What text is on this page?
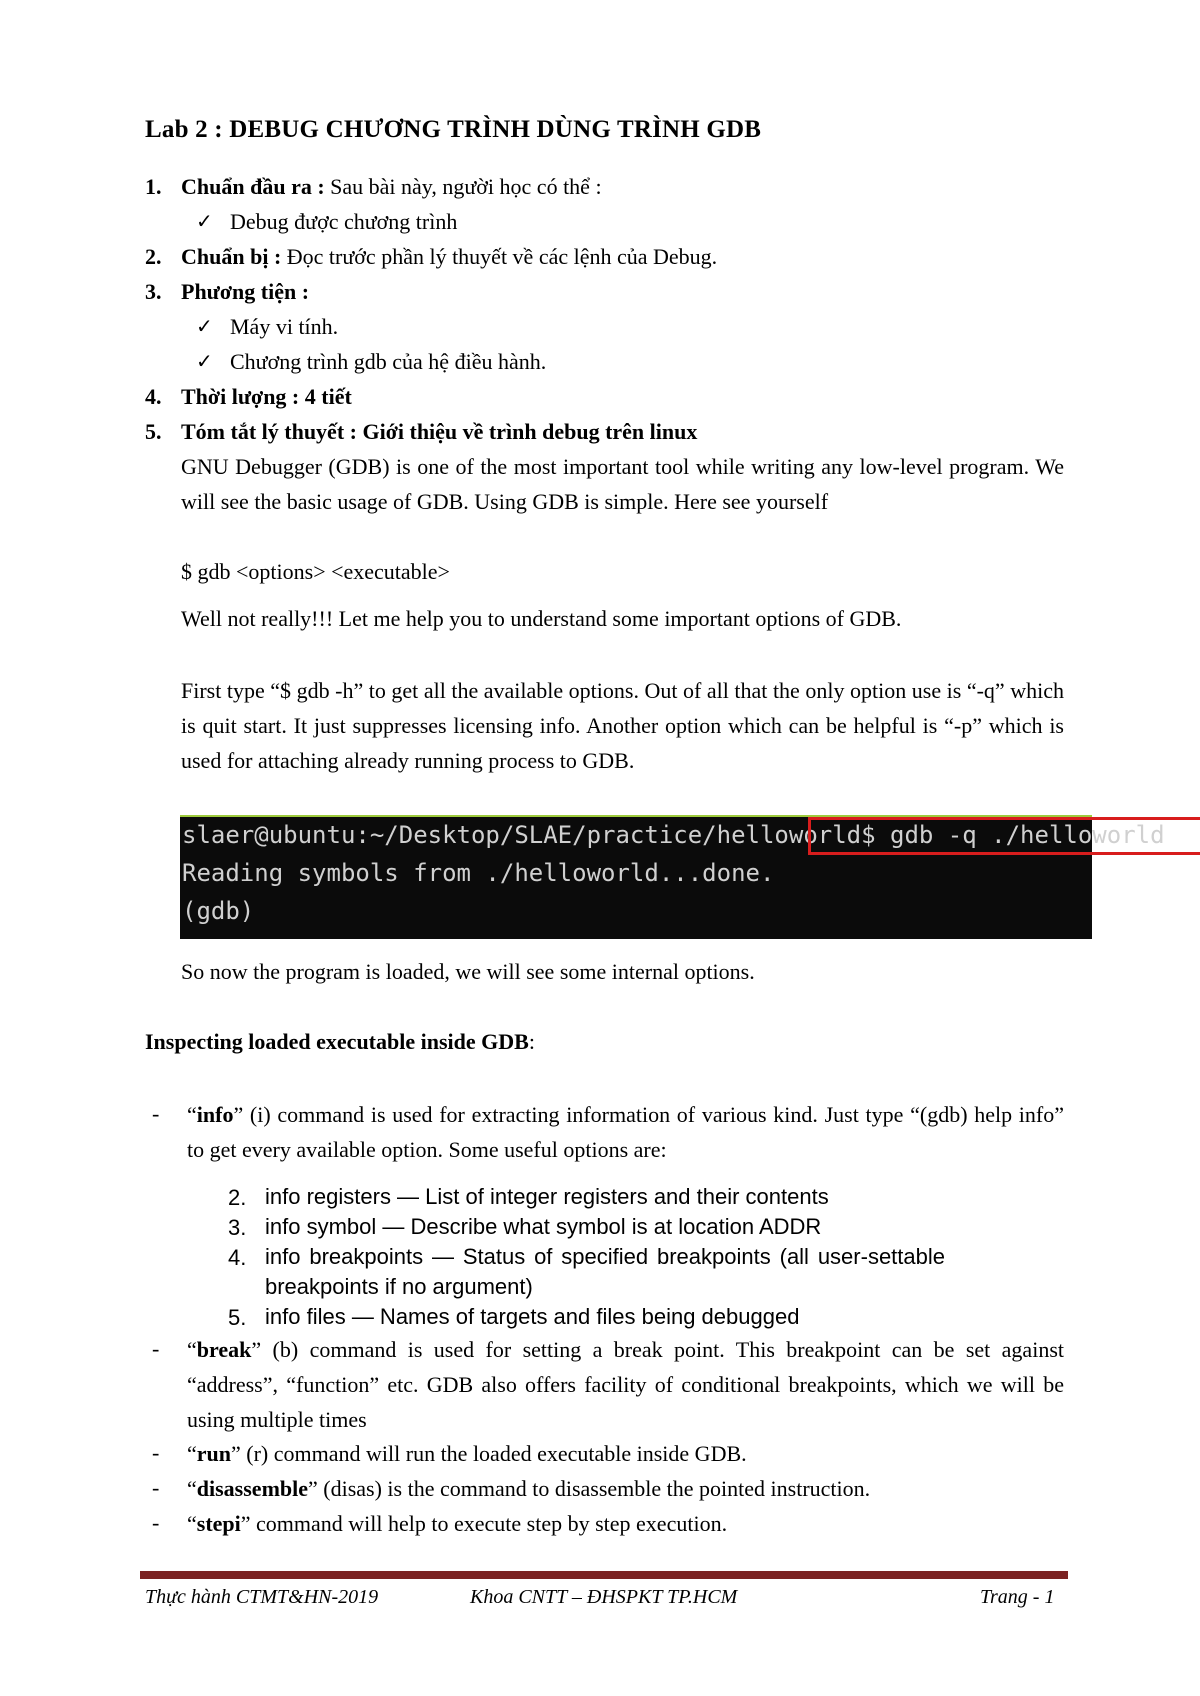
Lab 2 : DEBUG CHƯƠNG TRÌNH DÙNG TRÌNH GDB
1. Chuẩn đầu ra : Sau bài này, người học có thể :
✓ Debug được chương trình
2. Chuẩn bị : Đọc trước phần lý thuyết về các lệnh của Debug.
3. Phương tiện :
✓ Máy vi tính.
✓ Chương trình gdb của hệ điều hành.
4. Thời lượng : 4 tiết
5. Tóm tắt lý thuyết : Giới thiệu về trình debug trên linux
GNU Debugger (GDB) is one of the most important tool while writing any low-level program. We will see the basic usage of GDB. Using GDB is simple. Here see yourself
$ gdb <options> <executable>
Well not really!!! Let me help you to understand some important options of GDB.
First type “$ gdb -h” to get all the available options. Out of all that the only option use is “-q” which is quit start. It just suppresses licensing info. Another option which can be helpful is “-p” which is used for attaching already running process to GDB.
slaer@ubuntu:~/Desktop/SLAE/practice/helloworld$ gdb -q ./helloworld
Reading symbols from ./helloworld...done.
(gdb)
So now the program is loaded, we will see some internal options.
Inspecting loaded executable inside GDB:
- “info” (i) command is used for extracting information of various kind. Just type “(gdb) help info” to get every available option. Some useful options are:
2. info registers — List of integer registers and their contents
3. info symbol — Describe what symbol is at location ADDR
4. info breakpoints — Status of specified breakpoints (all user-settable breakpoints if no argument)
5. info files — Names of targets and files being debugged
- “break” (b) command is used for setting a break point. This breakpoint can be set against “address”, “function” etc. GDB also offers facility of conditional breakpoints, which we will be using multiple times
- “run” (r) command will run the loaded executable inside GDB.
- “disassemble” (disas) is the command to disassemble the pointed instruction.
- “stepi” command will help to execute step by step execution.
Thực hành CTMT&HN-2019	Khoa CNTT – ĐHSPKT TP.HCM	Trang - 1
